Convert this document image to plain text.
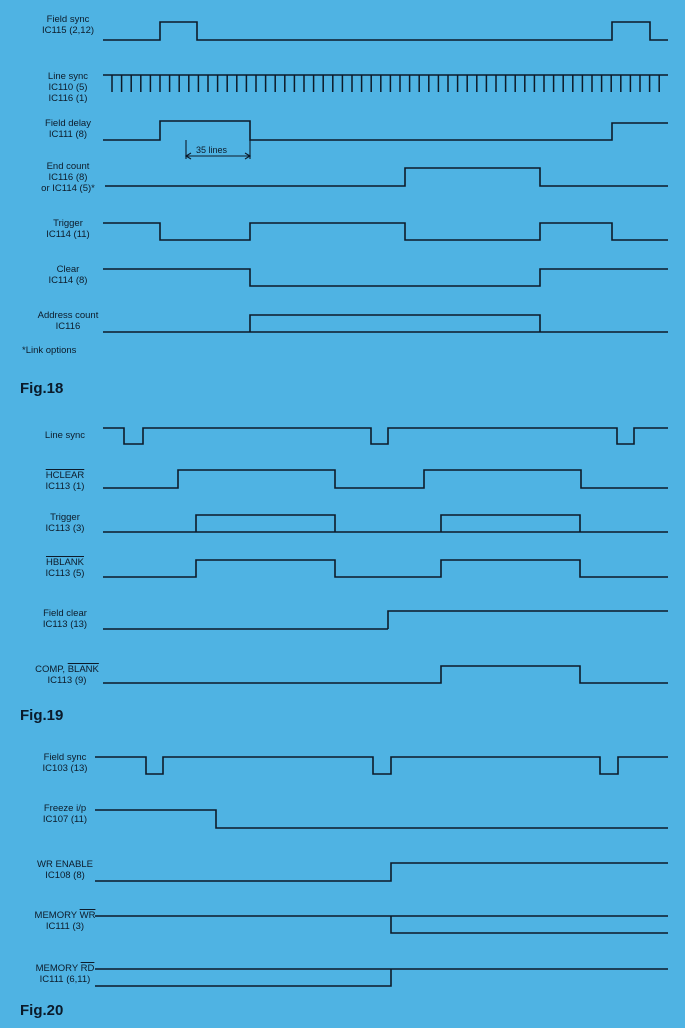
Field sync
IC115 (2,12)
Line sync
IC110 (5)
IC116 (1)
Field delay
IC111 (8)
End count
IC116 (8)
or IC114 (5)*
Trigger
IC114 (11)
Clear
IC114 (8)
Address count
IC116
*Link options
35 lines
Fig.18
Line sync
HCLEAR
IC113 (1)
Trigger
IC113 (3)
HBLANK
IC113 (5)
Field clear
IC113 (13)
COMP, BLANK
IC113 (9)
Fig.19
Field sync
IC103 (13)
Freeze i/p
IC107 (11)
WR ENABLE
IC108 (8)
MEMORY $\overline{WR}$
IC111 (3)
MEMORY $\overline{RD}$
IC111 (6,11)
Fig.20
